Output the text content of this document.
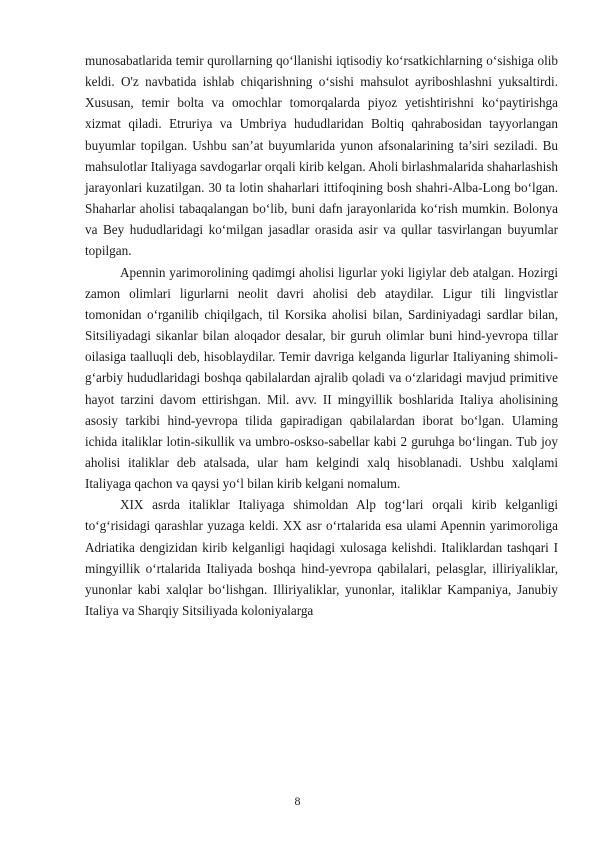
munosabatlarida temir qurollarning qo‘llanishi iqtisodiy ko‘rsatkichlarning o‘sishiga olib keldi. O'z navbatida ishlab chiqarishning o‘sishi mahsulot ayriboshlashni yuksaltirdi. Xususan, temir bolta va omochlar tomorqalarda piyoz yetishtirishni ko‘paytirishga xizmat qiladi. Etruriya va Umbriya hududlaridan Boltiq qahrabosidan tayyorlangan buyumlar topilgan. Ushbu san’at buyumlarida yunon afsonalarining ta’siri seziladi. Bu mahsulotlar Italiyaga savdogarlar orqali kirib kelgan. Aholi birlashmalarida shaharlashish jarayonlari kuzatilgan. 30 ta lotin shaharlari ittifoqining bosh shahri-Alba-Long bo‘lgan. Shaharlar aholisi tabaqalangan bo‘lib, buni dafn jarayonlarida ko‘rish mumkin. Bolonya va Bey hududlaridagi ko‘milgan jasadlar orasida asir va qullar tasvirlangan buyumlar topilgan.

Apennin yarimorolining qadimgi aholisi ligurlar yoki ligiylar deb atalgan. Hozirgi zamon olimlari ligurlarni neolit davri aholisi deb ataydilar. Ligur tili lingvistlar tomonidan o‘rganilib chiqilgach, til Korsika aholisi bilan, Sardiniyadagi sardlar bilan, Sitsiliyadagi sikanlar bilan aloqador desalar, bir guruh olimlar buni hind-yevropa tillar oilasiga taalluqli deb, hisoblaydilar. Temir davriga kelganda ligurlar Italiyaning shimoli-g‘arbiy hududlaridagi boshqa qabilalardan ajralib qoladi va o‘zlaridagi mavjud primitive hayot tarzini davom ettirishgan. Mil. avv. II mingyillik boshlarida Italiya aholisining asosiy tarkibi hind-yevropa tilida gapiradigan qabilalardan iborat bo‘lgan. Ulaming ichida italiklar lotin-sikullik va umbro-oskso-sabellar kabi 2 guruhga bo‘lingan. Tub joy aholisi italiklar deb atalsada, ular ham kelgindi xalq hisoblanadi. Ushbu xalqlami Italiyaga qachon va qaysi yo‘l bilan kirib kelgani nomalum.

XIX asrda italiklar Italiyaga shimoldan Alp tog‘lari orqali kirib kelganligi to‘g‘risidagi qarashlar yuzaga keldi. XX asr o‘rtalarida esa ulami Apennin yarimoroliga Adriatika dengizidan kirib kelganligi haqidagi xulosaga kelishdi. Italiklardan tashqari I mingyillik o‘rtalarida Italiyada boshqa hind-yevropa qabilalari, pelasglar, illiriyaliklar, yunonlar kabi xalqlar bo‘lishgan. Illiriyaliklar, yunonlar, italiklar Kampaniya, Janubiy Italiya va Sharqiy Sitsiliyada koloniyalarga

8
